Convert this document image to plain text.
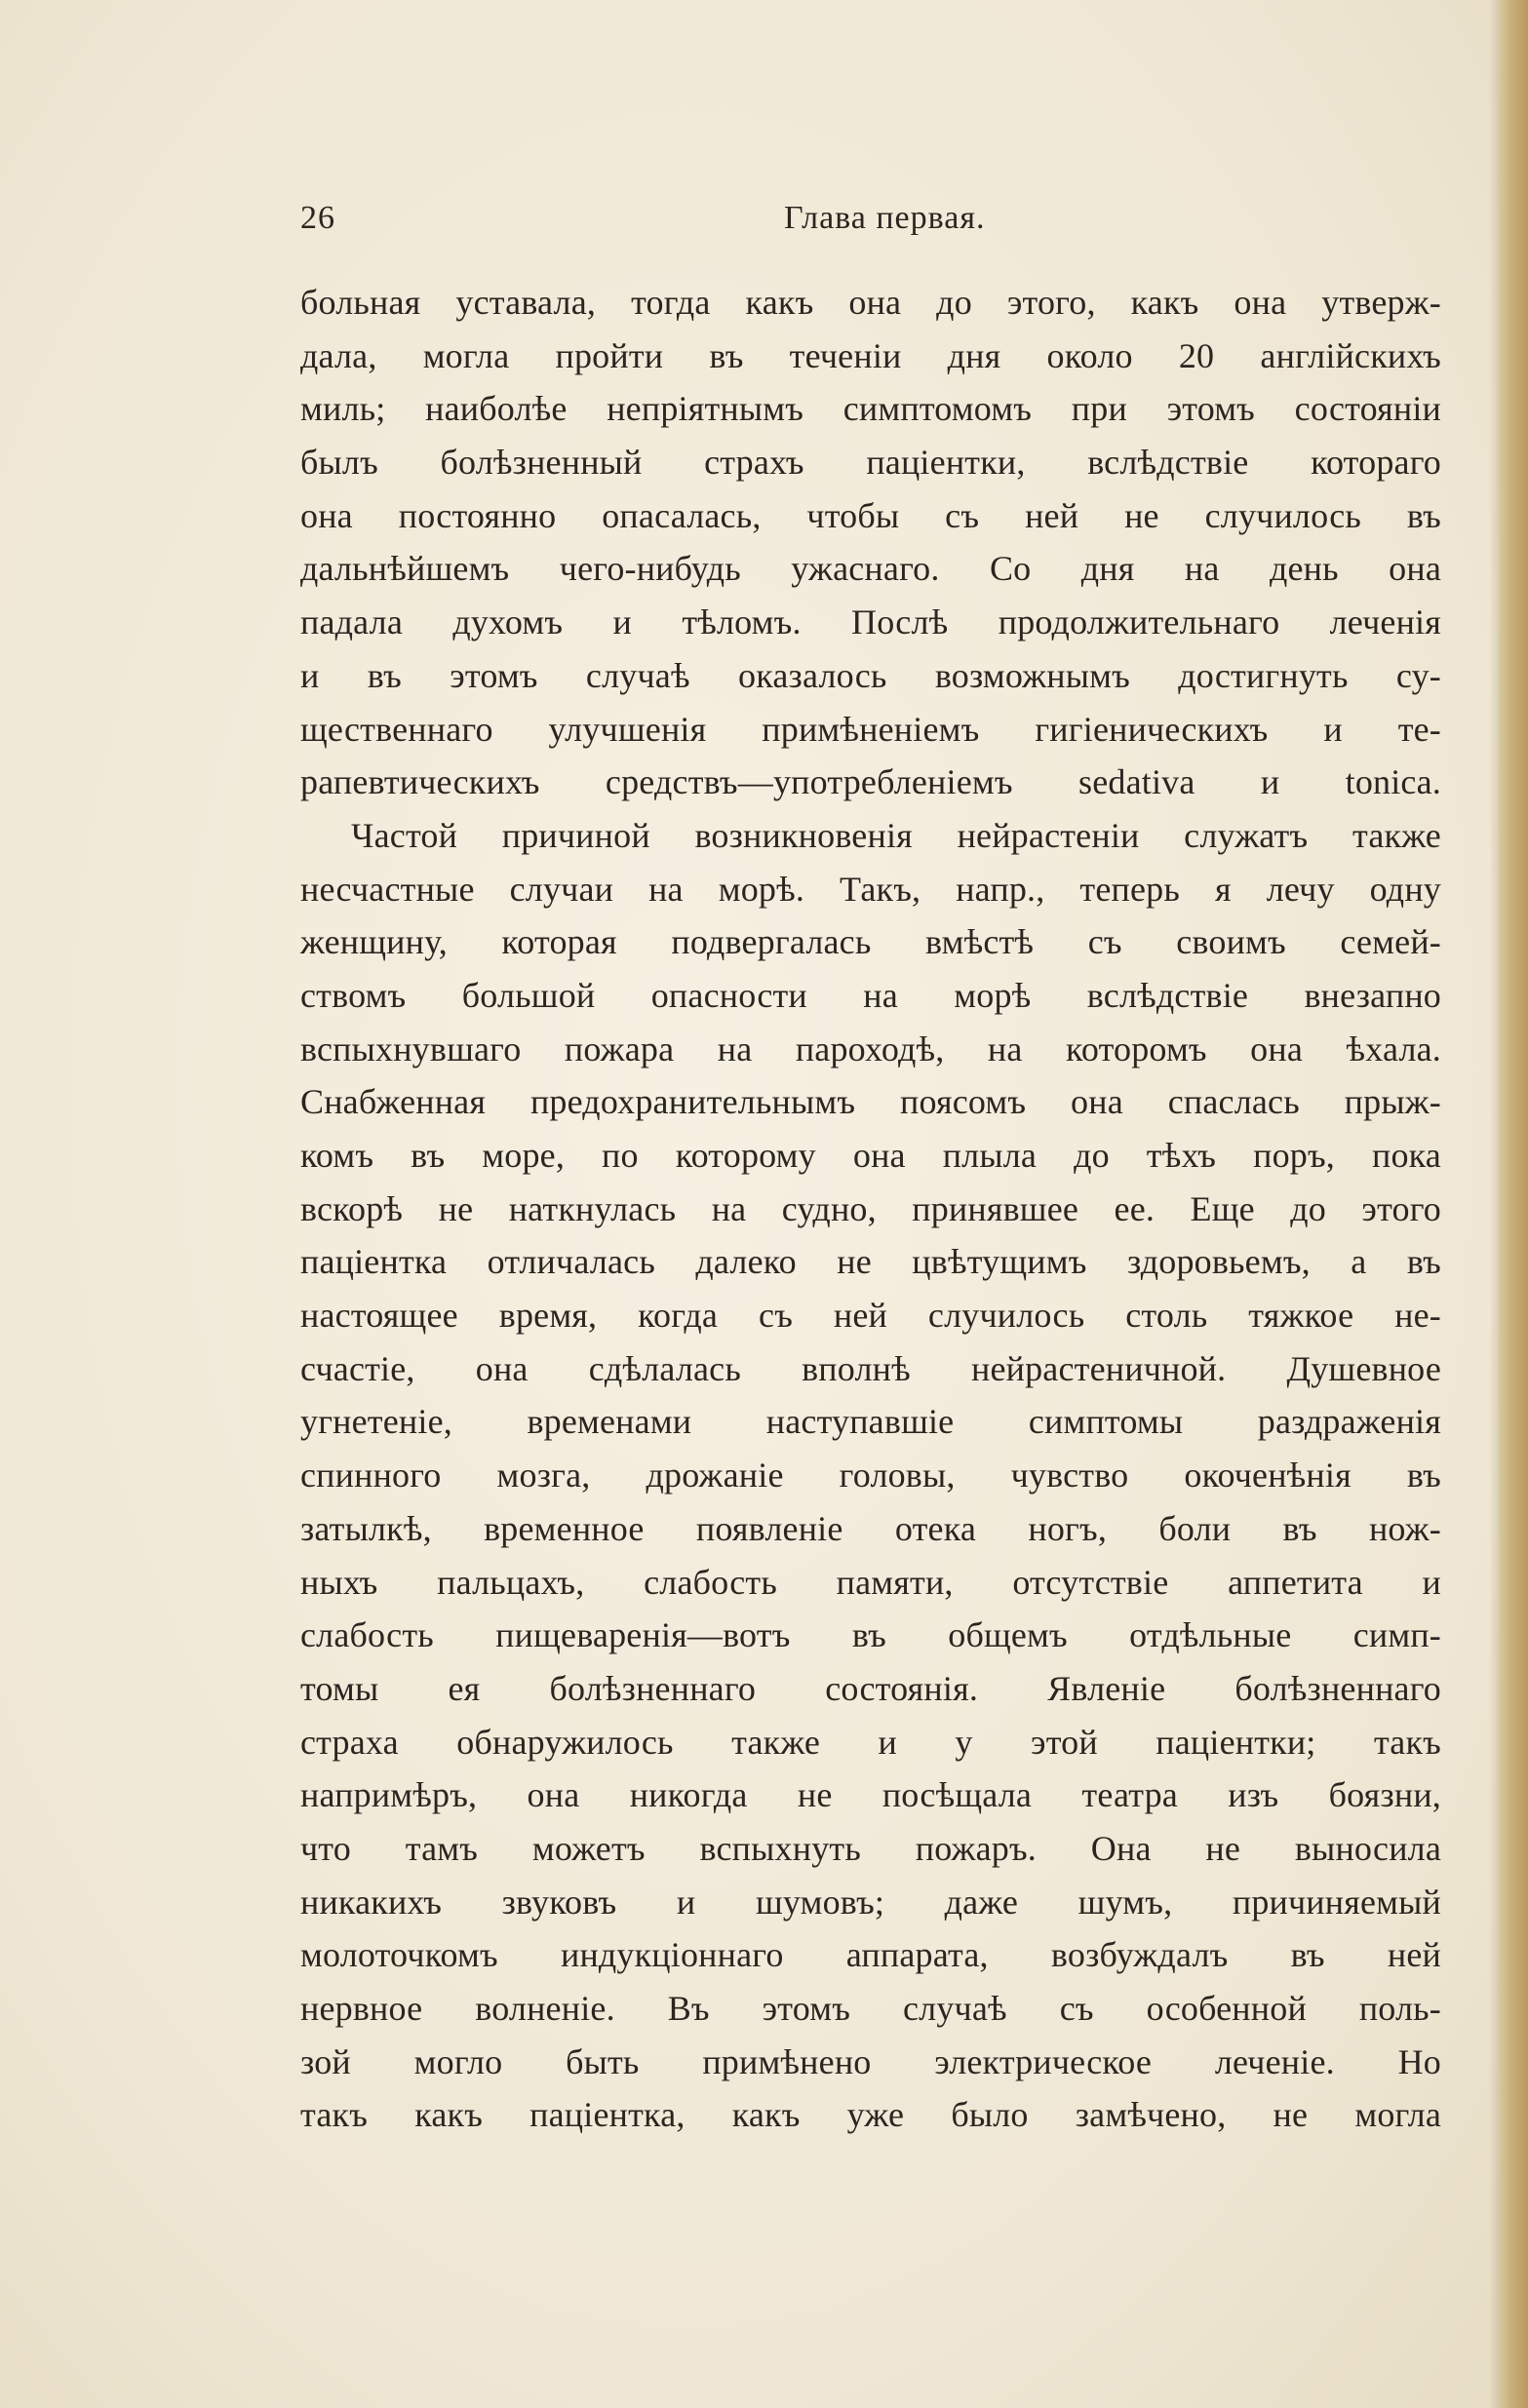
26	Глава первая.
больная уставала, тогда какъ она до этого, какъ она утверж-
дала, могла пройти въ теченiи дня около 20 англiйскихъ
миль; наиболѣе непрiятнымъ симптомомъ при этомъ состоянiи
былъ болѣзненный страхъ пацiентки, вслѣдствiе котораго
она постоянно опасалась, чтобы съ ней не случилось въ
дальнѣйшемъ чего-нибудь ужаснаго. Со дня на день она
падала духомъ и тѣломъ. Послѣ продолжительнаго леченiя
и въ этомъ случаѣ оказалось возможнымъ достигнуть су-
щественнаго улучшенiя примѣненiемъ гигiеническихъ и те-
рапевтическихъ средствъ—употребленiемъ sedativa и tonica.
Частой причиной возникновенiя нейрастенiи служатъ также
несчастные случаи на морѣ. Такъ, напр., теперь я лечу одну
женщину, которая подвергалась вмѣстѣ съ своимъ семей-
ствомъ большой опасности на морѣ вслѣдствiе внезапно
вспыхнувшаго пожара на пароходѣ, на которомъ она ѣхала.
Снабженная предохранительнымъ поясомъ она спаслась прыж-
комъ въ море, по которому она плыла до тѣхъ поръ, пока
вскорѣ не наткнулась на судно, принявшее ее. Еще до этого
пацiентка отличалась далеко не цвѣтущимъ здоровьемъ, а въ
настоящее время, когда съ ней случилось столь тяжкое не-
счастiе, она сдѣлалась вполнѣ нейрастеничной. Душевное
угнетенiе, временами наступавшiе симптомы раздраженiя
спинного мозга, дрожанiе головы, чувство окоченѣнiя въ
затылкѣ, временное появленiе отека ногъ, боли въ нож-
ныхъ пальцахъ, слабость памяти, отсутствiе аппетита и
слабость пищеваренiя—вотъ въ общемъ отдѣльные симп-
томы ея болѣзненнаго состоянiя. Явленiе болѣзненнаго
страха обнаружилось также и у этой пацiентки; такъ
напримѣръ, она никогда не посѣщала театра изъ боязни,
что тамъ можетъ вспыхнуть пожаръ. Она не выносила
никакихъ звуковъ и шумовъ; даже шумъ, причиняемый
молоточкомъ индукцiоннаго аппарата, возбуждалъ въ ней
нервное волненiе. Въ этомъ случаѣ съ особенной поль-
зой могло быть примѣнено электрическое леченiе. Но
такъ какъ пацiентка, какъ уже было замѣчено, не могла
